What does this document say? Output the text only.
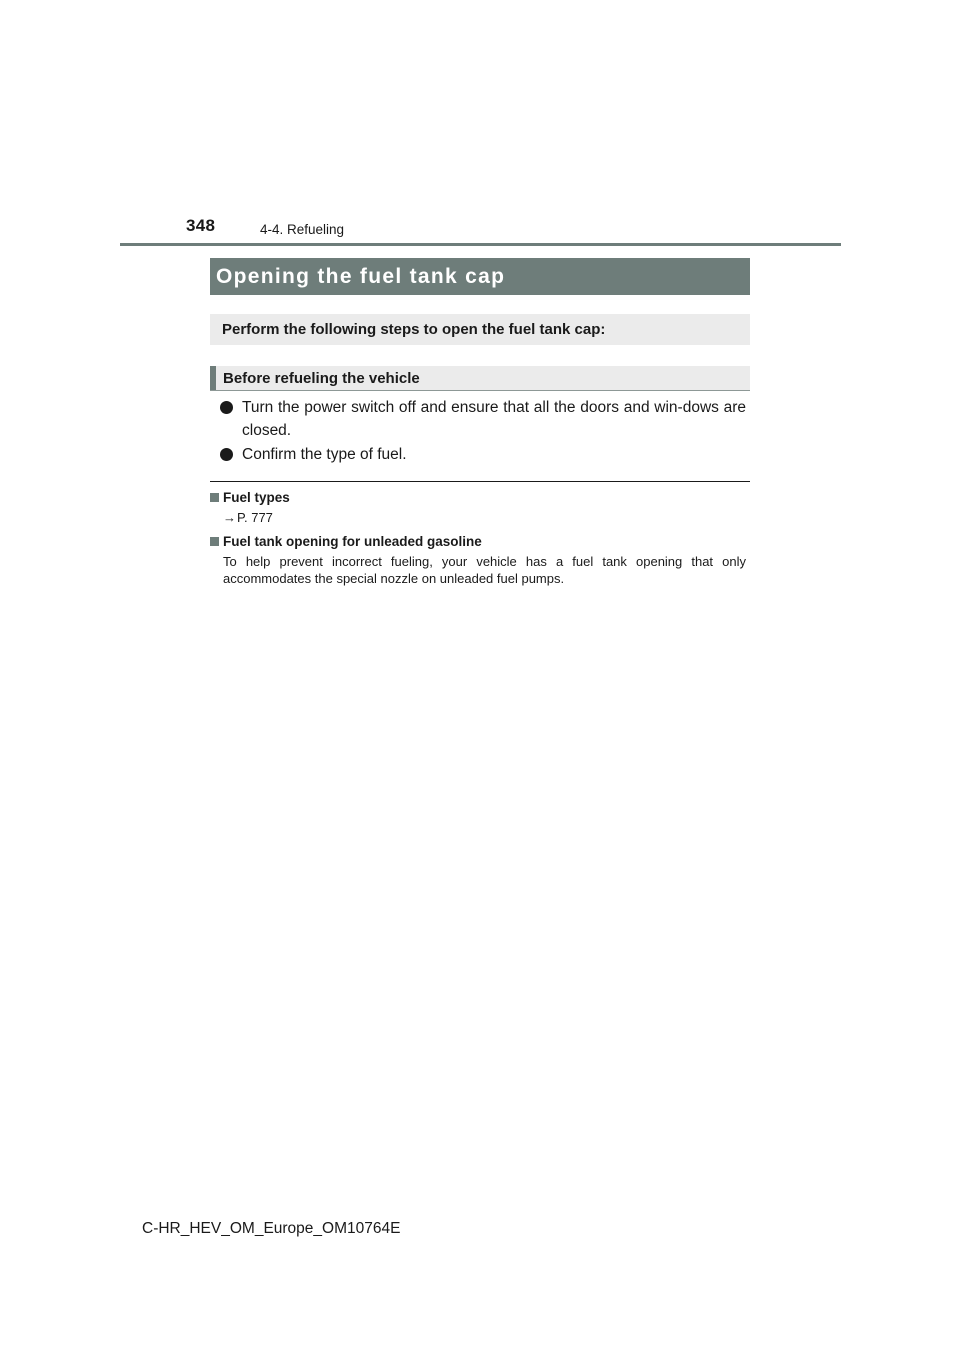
348	4-4. Refueling
Opening the fuel tank cap
Perform the following steps to open the fuel tank cap:
Before refueling the vehicle
Turn the power switch off and ensure that all the doors and win-dows are closed.
Confirm the type of fuel.
Fuel types
→P. 777
Fuel tank opening for unleaded gasoline
To help prevent incorrect fueling, your vehicle has a fuel tank opening that only accommodates the special nozzle on unleaded fuel pumps.
C-HR_HEV_OM_Europe_OM10764E
